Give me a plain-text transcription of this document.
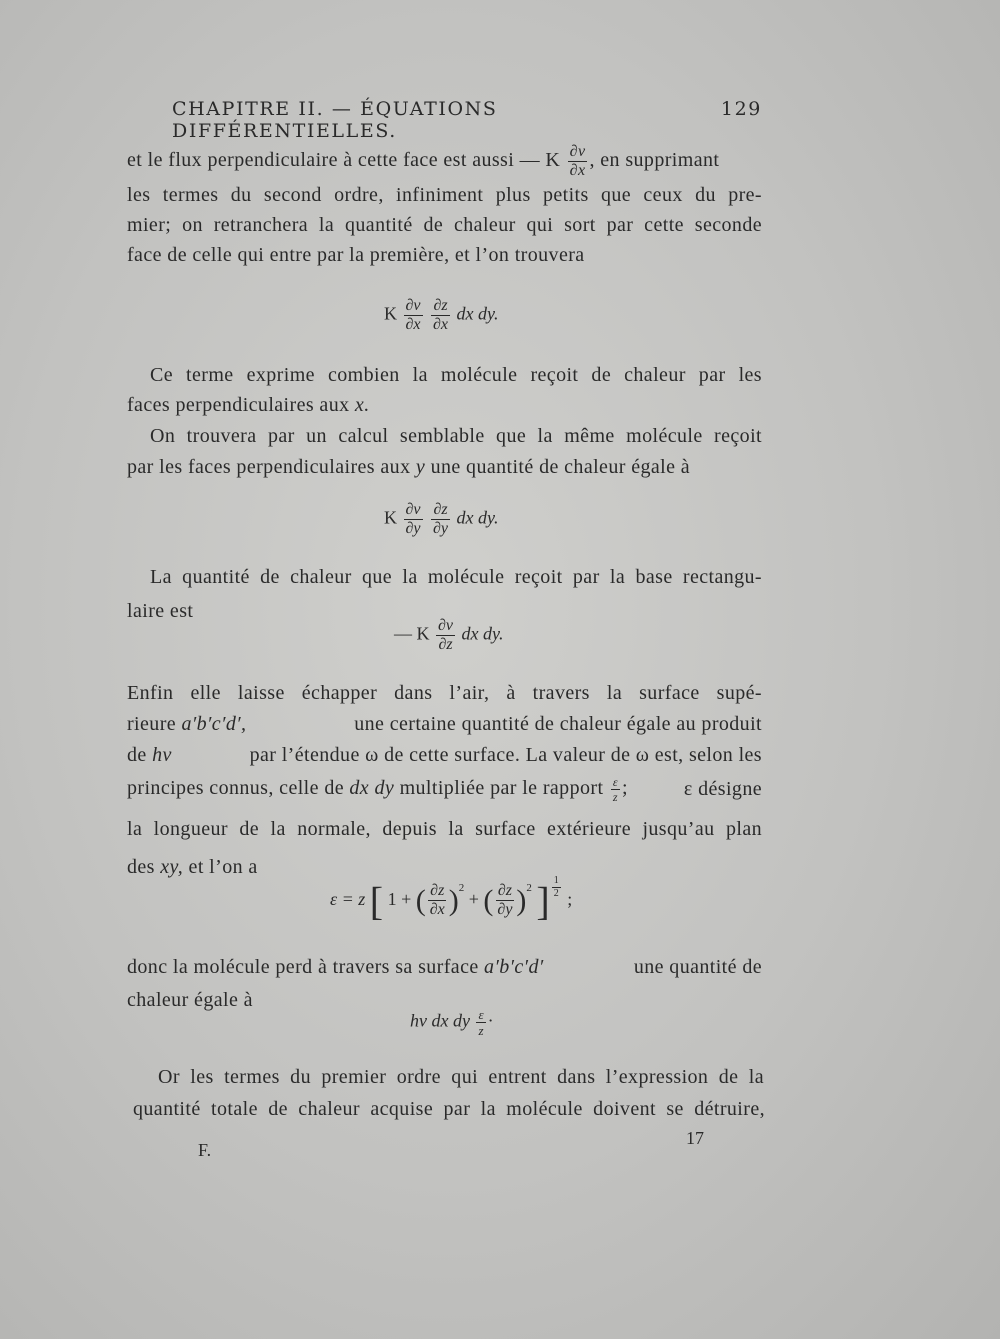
CHAPITRE II. — ÉQUATIONS DIFFÉRENTIELLES.
129
et le flux perpendiculaire à cette face est aussi — K $\frac{\partial v}{\partial x}$ , en supprimant
les termes du second ordre, infiniment plus petits que ceux du pre-
mier; on retranchera la quantité de chaleur qui sort par cette seconde
face de celle qui entre par la première, et l’on trouvera
K $\frac{\partial v}{\partial x}$
$\frac{\partial z}{\partial x}$ dx dy.
Ce terme exprime combien la molécule reçoit de chaleur par les
faces perpendiculaires aux x.
On trouvera par un calcul semblable que la même molécule reçoit
par les faces perpendiculaires aux y une quantité de chaleur égale à
K $\frac{\partial v}{\partial y}$
$\frac{\partial z}{\partial y}$ dx dy.
La quantité de chaleur que la molécule reçoit par la base rectangu-
laire est
— K $\frac{\partial v}{\partial z}$ dx dy.
Enfin elle laisse échapper dans l’air, à travers la surface supé-
rieure a′b′c′d′,	une certaine quantité de chaleur égale au produit
de hv	par l’étendue ω de cette surface. La valeur de ω est, selon les
principes connus, celle de dx dy multipliée par le rapport $\frac{\varepsilon}{z}$ ;	ε désigne
la longueur de la normale, depuis la surface extérieure jusqu’au plan
des xy, et l’on a
ε = z [ 1 + ( $\frac{\partial z}{\partial x} )^2$ + ( $\frac{\partial z}{\partial y} )^2$ ] $\frac{1}{2}$ ;
donc la molécule perd à travers sa surface a′b′c′d′	une quantité de
chaleur égale à
hv dx dy $\frac{\varepsilon}{z}$ ·
Or les termes du premier ordre qui entrent dans l’expression de la
quantité totale de chaleur acquise par la molécule doivent se détruire,
F.
17
